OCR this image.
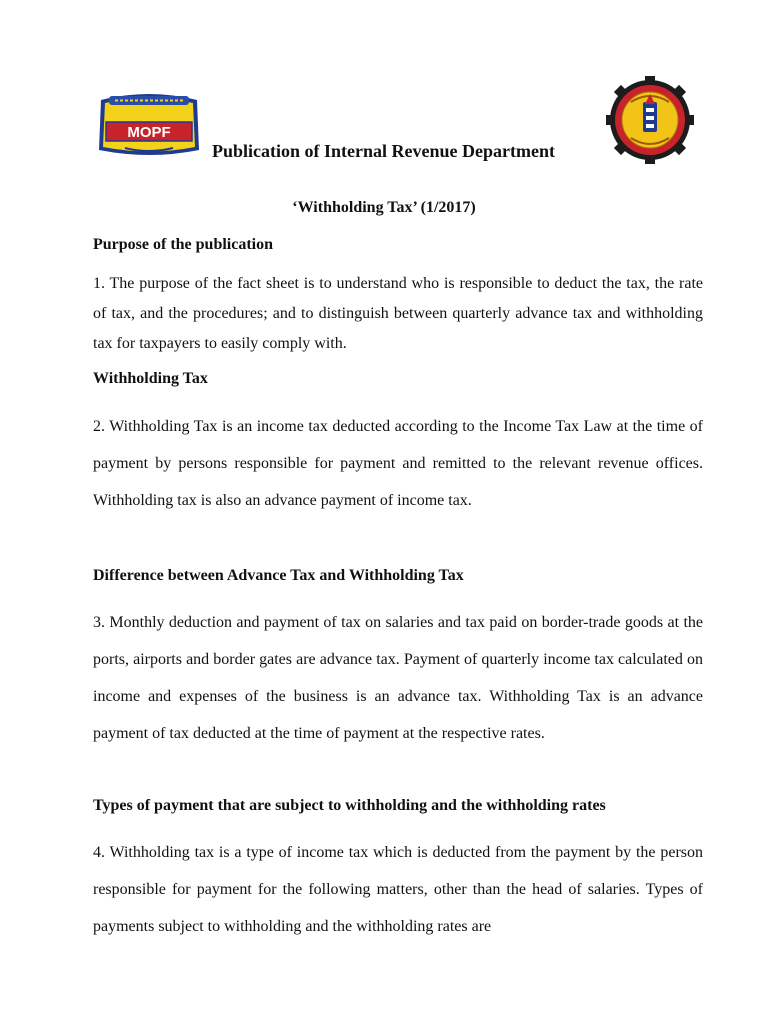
MOPF
Publication of Internal Revenue Department
‘Withholding Tax’ (1/2017)
Purpose of the publication

1. The purpose of the fact sheet is to understand who is responsible to deduct the tax, the rate of tax, and the procedures; and to distinguish between quarterly advance tax and withholding tax for taxpayers to easily comply with.

Withholding Tax

2. Withholding Tax is an income tax deducted according to the Income Tax Law at the time of payment by persons responsible for payment and remitted to the relevant revenue offices. Withholding tax is also an advance payment of income tax.

Difference between Advance Tax and Withholding Tax

3. Monthly deduction and payment of tax on salaries and tax paid on border-trade goods at the ports, airports and border gates are advance tax. Payment of quarterly income tax calculated on income and expenses of the business is an advance tax. Withholding Tax is an advance payment of tax deducted at the time of payment at the respective rates.

Types of payment that are subject to withholding and the withholding rates

4. Withholding tax is a type of income tax which is deducted from the payment by the person responsible for payment for the following matters, other than the head of salaries. Types of payments subject to withholding and the withholding rates are
